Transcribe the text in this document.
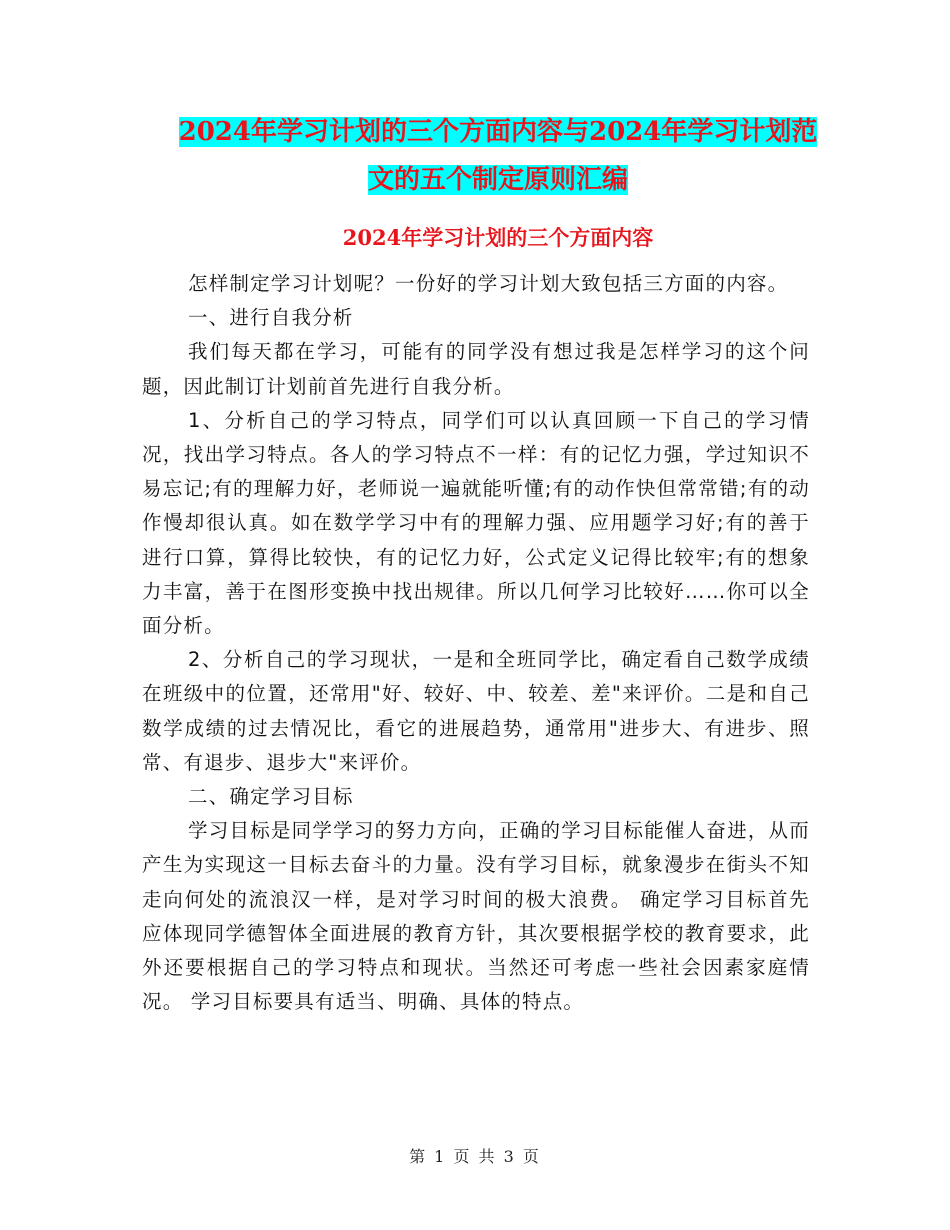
2024年学习计划的三个方面内容与2024年学习计划范
文的五个制定原则汇编
2024年学习计划的三个方面内容

怎样制定学习计划呢？一份好的学习计划大致包括三方面的内容。

一、进行自我分析

我们每天都在学习，可能有的同学没有想过我是怎样学习的这个问题，因此制订计划前首先进行自我分析。

1、分析自己的学习特点，同学们可以认真回顾一下自己的学习情况，找出学习特点。各人的学习特点不一样：有的记忆力强，学过知识不易忘记;有的理解力好，老师说一遍就能听懂;有的动作快但常常错;有的动作慢却很认真。如在数学学习中有的理解力强、应用题学习好;有的善于进行口算，算得比较快，有的记忆力好，公式定义记得比较牢;有的想象力丰富，善于在图形变换中找出规律。所以几何学习比较好……你可以全面分析。

2、分析自己的学习现状，一是和全班同学比，确定看自己数学成绩在班级中的位置，还常用"好、较好、中、较差、差"来评价。二是和自己数学成绩的过去情况比，看它的进展趋势，通常用"进步大、有进步、照常、有退步、退步大"来评价。

二、确定学习目标

学习目标是同学学习的努力方向，正确的学习目标能催人奋进，从而产生为实现这一目标去奋斗的力量。没有学习目标，就象漫步在街头不知走向何处的流浪汉一样，是对学习时间的极大浪费。 确定学习目标首先应体现同学德智体全面进展的教育方针，其次要根据学校的教育要求，此外还要根据自己的学习特点和现状。当然还可考虑一些社会因素家庭情况。 学习目标要具有适当、明确、具体的特点。

第 1 页 共 3 页
